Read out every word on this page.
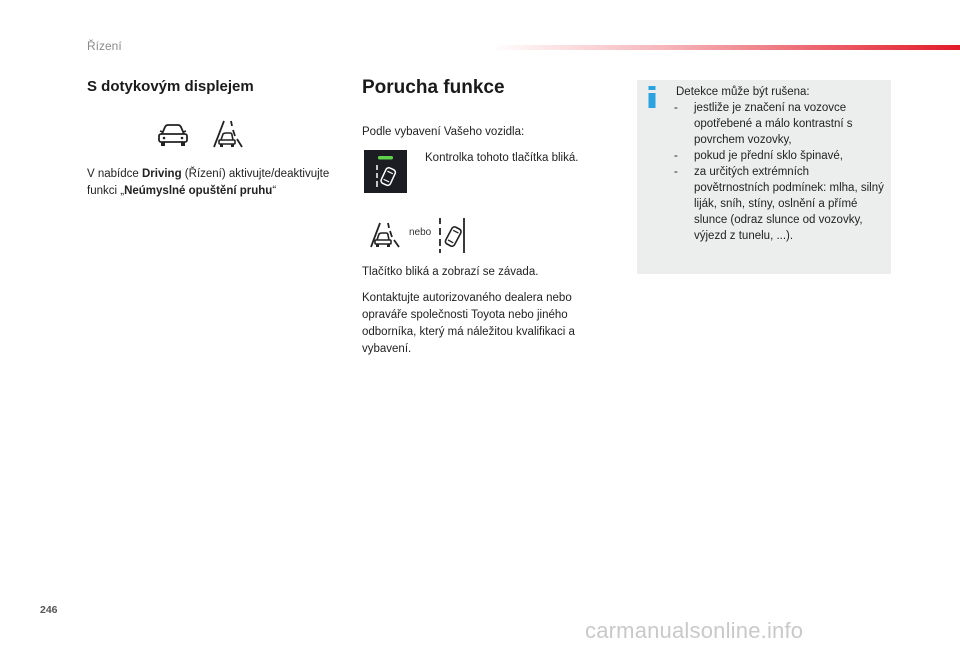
Řízení
S dotykovým displejem
V nabídce Driving (Řízení) aktivujte/deaktivujte funkci „Neúmyslné opuštění pruhu“
Porucha funkce
Podle vybavení Vašeho vozidla:
Kontrolka tohoto tlačítka bliká.
nebo
Tlačítko bliká a zobrazí se závada.
Kontaktujte autorizovaného dealera nebo opraváře společnosti Toyota nebo jiného odborníka, který má náležitou kvalifikaci a vybavení.
Detekce může být rušena:
- jestliže je značení na vozovce opotřebené a málo kontrastní s povrchem vozovky,
- pokud je přední sklo špinavé,
- za určitých extrémních povětrnostních podmínek: mlha, silný liják, sníh, stíny, oslnění a přímé slunce (odraz slunce od vozovky, výjezd z tunelu, ...).
246
carmanualsonline.info
